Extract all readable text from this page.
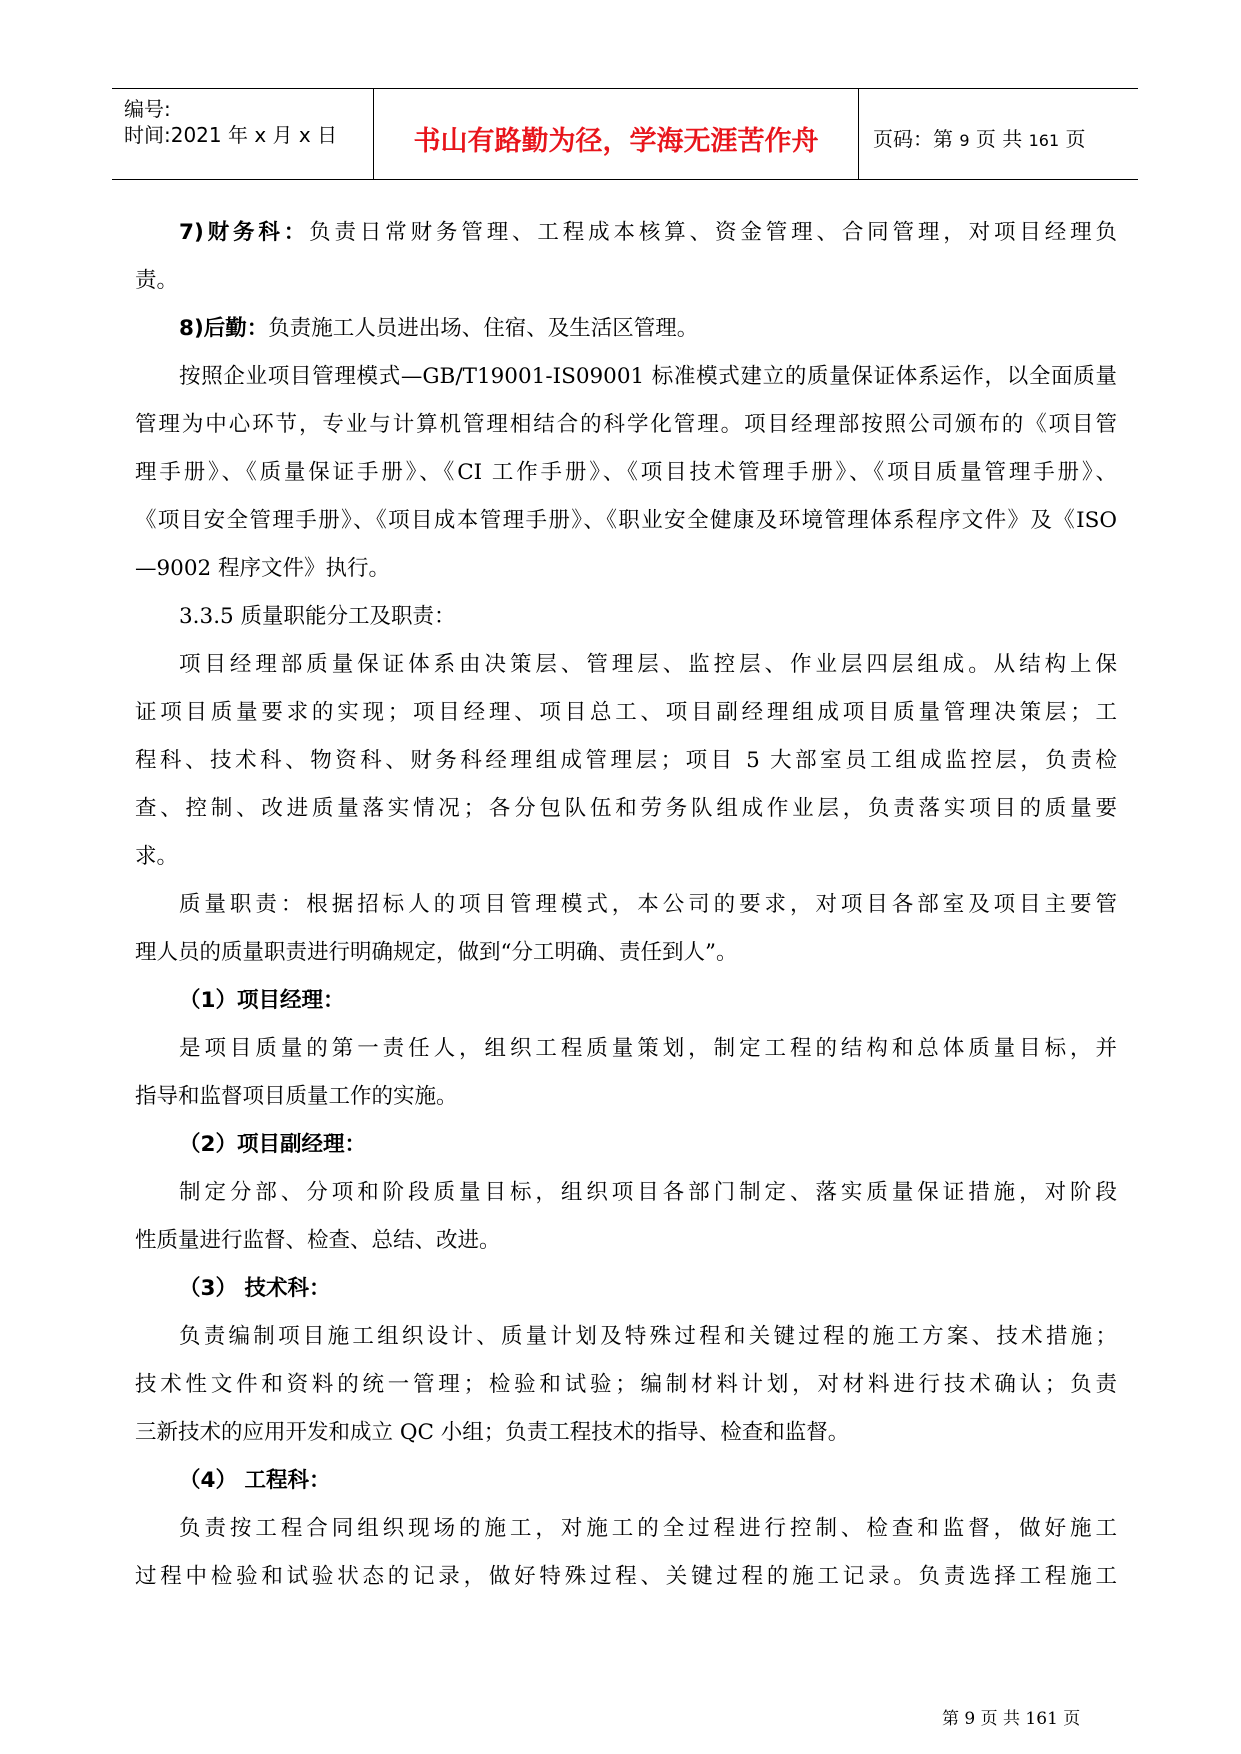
编号:
时间:2021 年 x 月 x 日	书山有路勤为径，学海无涯苦作舟	页码：第 9 页 共 161 页
7)财务科：负责日常财务管理、工程成本核算、资金管理、合同管理，对项目经理负
责。
8)后勤：负责施工人员进出场、住宿、及生活区管理。
按照企业项目管理模式—GB/T19001-IS09001 标准模式建立的质量保证体系运作，以全面质量
管理为中心环节，专业与计算机管理相结合的科学化管理。项目经理部按照公司颁布的《项目管
理手册》、《质量保证手册》、《CI 工作手册》、《项目技术管理手册》、《项目质量管理手册》、
《项目安全管理手册》、《项目成本管理手册》、《职业安全健康及环境管理体系程序文件》及《ISO
—9002 程序文件》执行。
3.3.5 质量职能分工及职责：
项目经理部质量保证体系由决策层、管理层、监控层、作业层四层组成。从结构上保
证项目质量要求的实现；项目经理、项目总工、项目副经理组成项目质量管理决策层；工
程科、技术科、物资科、财务科经理组成管理层；项目 5 大部室员工组成监控层，负责检
查、控制、改进质量落实情况；各分包队伍和劳务队组成作业层，负责落实项目的质量要
求。
质量职责：根据招标人的项目管理模式，本公司的要求，对项目各部室及项目主要管
理人员的质量职责进行明确规定，做到“分工明确、责任到人”。
（1）项目经理：
是项目质量的第一责任人，组织工程质量策划，制定工程的结构和总体质量目标，并
指导和监督项目质量工作的实施。
（2）项目副经理：
制定分部、分项和阶段质量目标，组织项目各部门制定、落实质量保证措施，对阶段
性质量进行监督、检查、总结、改进。
（3） 技术科：
负责编制项目施工组织设计、质量计划及特殊过程和关键过程的施工方案、技术措施；
技术性文件和资料的统一管理；检验和试验；编制材料计划，对材料进行技术确认；负责
三新技术的应用开发和成立 QC 小组；负责工程技术的指导、检查和监督。
（4） 工程科：
负责按工程合同组织现场的施工，对施工的全过程进行控制、检查和监督，做好施工
过程中检验和试验状态的记录，做好特殊过程、关键过程的施工记录。负责选择工程施工
第 9 页 共 161 页
